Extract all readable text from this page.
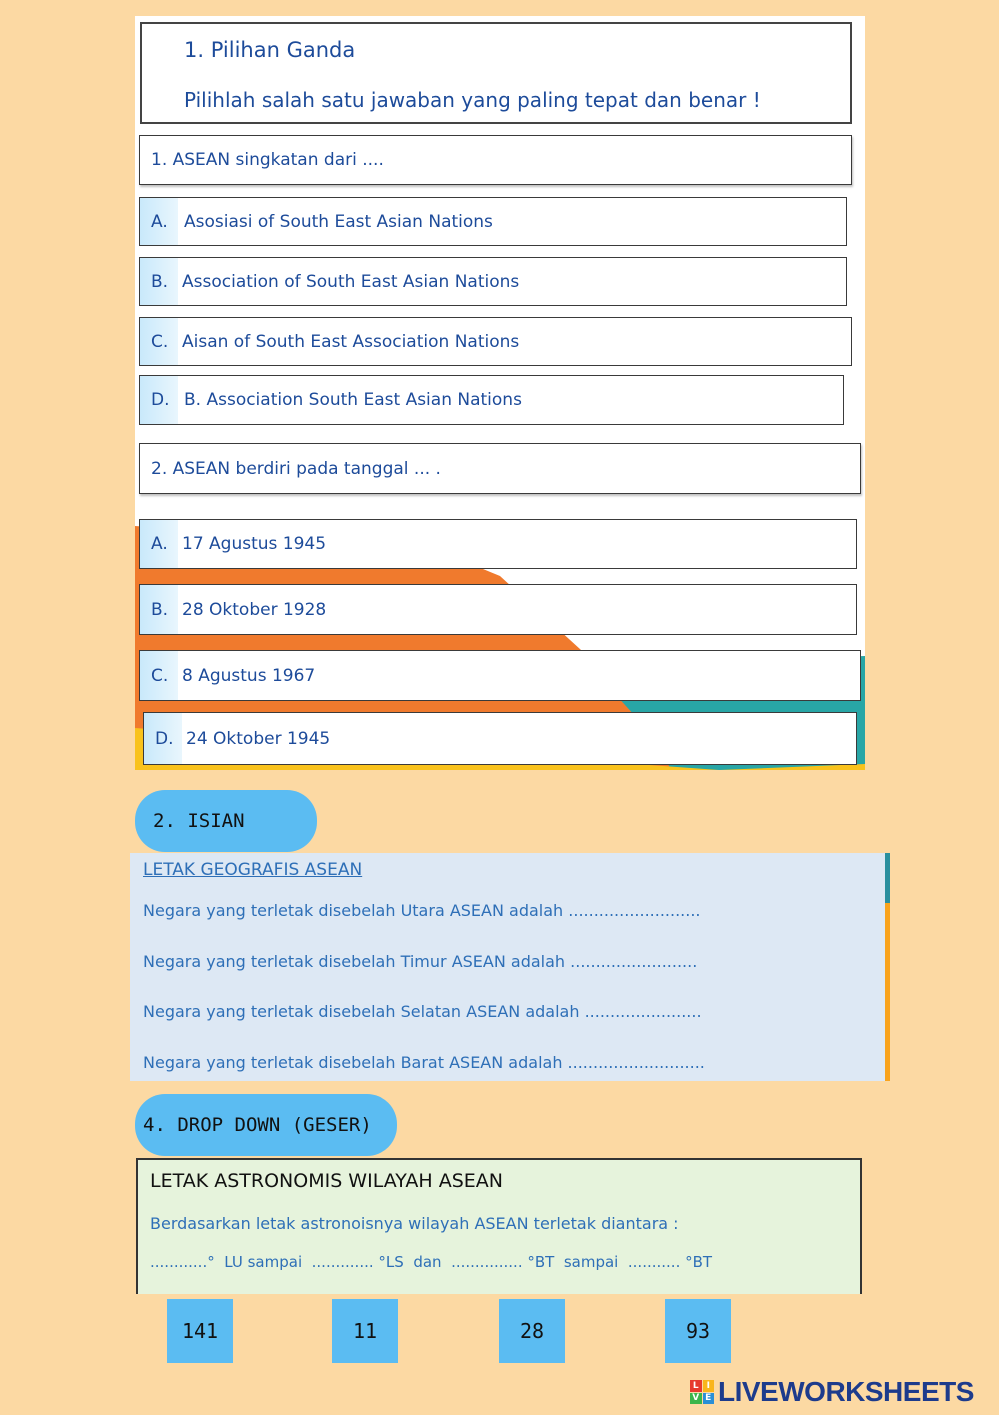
1. Pilihan Ganda
Pilihlah salah satu jawaban yang paling tepat dan benar !
1. ASEAN singkatan dari ....
A. Asosiasi of South East Asian Nations
B. Association of South East Asian Nations
C. Aisan of South East Association Nations
D. B. Association South East Asian Nations
2. ASEAN berdiri pada tanggal ... .
A. 17 Agustus 1945
B. 28 Oktober 1928
C. 8 Agustus 1967
D. 24 Oktober 1945
2. ISIAN
LETAK GEOGRAFIS ASEAN
Negara yang terletak disebelah Utara ASEAN adalah ..........................
Negara yang terletak disebelah Timur ASEAN adalah .........................
Negara yang terletak disebelah Selatan ASEAN adalah .......................
Negara yang terletak disebelah Barat ASEAN adalah ...........................
4. DROP DOWN (GESER)
LETAK ASTRONOMIS WILAYAH ASEAN
Berdasarkan letak astronoisnya wilayah ASEAN terletak diantara :
............°  LU sampai  ............. °LS  dan  ............... °BT  sampai  ........... °BT
141	11	28	93
L I
V E LIVEWORKSHEETS
